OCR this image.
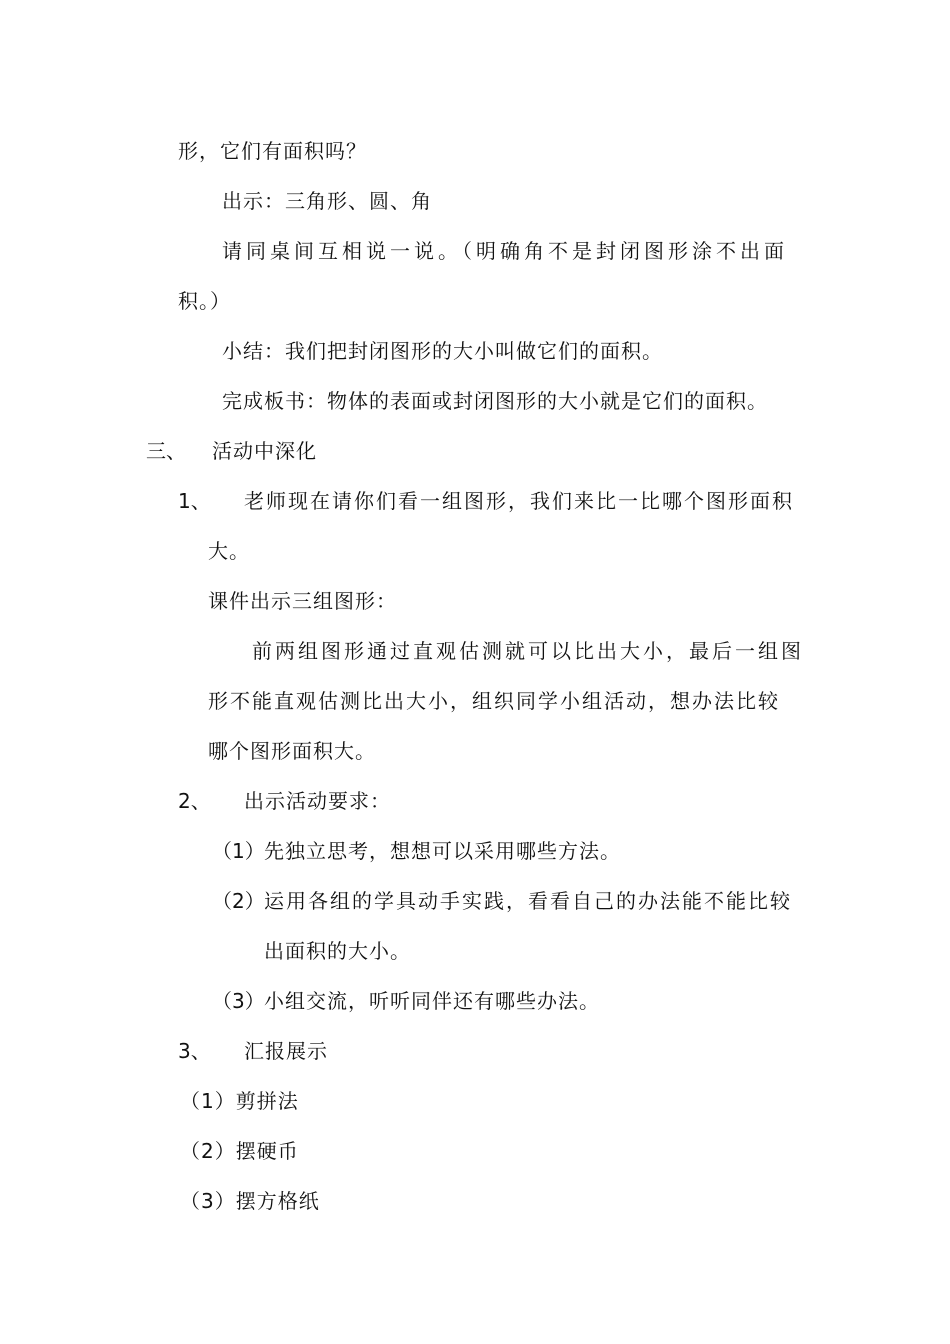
形，它们有面积吗？
出示：三角形、圆、角
请同桌间互相说一说。（明确角不是封闭图形涂不出面
积。）
小结：我们把封闭图形的大小叫做它们的面积。
完成板书：物体的表面或封闭图形的大小就是它们的面积。
三、 活动中深化
1、 老师现在请你们看一组图形，我们来比一比哪个图形面积
大。
课件出示三组图形：
前两组图形通过直观估测就可以比出大小，最后一组图
形不能直观估测比出大小，组织同学小组活动，想办法比较
哪个图形面积大。
2、 出示活动要求：
（1） 先独立思考，想想可以采用哪些方法。
（2） 运用各组的学具动手实践，看看自己的办法能不能比较
出面积的大小。
（3） 小组交流，听听同伴还有哪些办法。
3、 汇报展示
（1）剪拼法
（2）摆硬币
（3）摆方格纸
